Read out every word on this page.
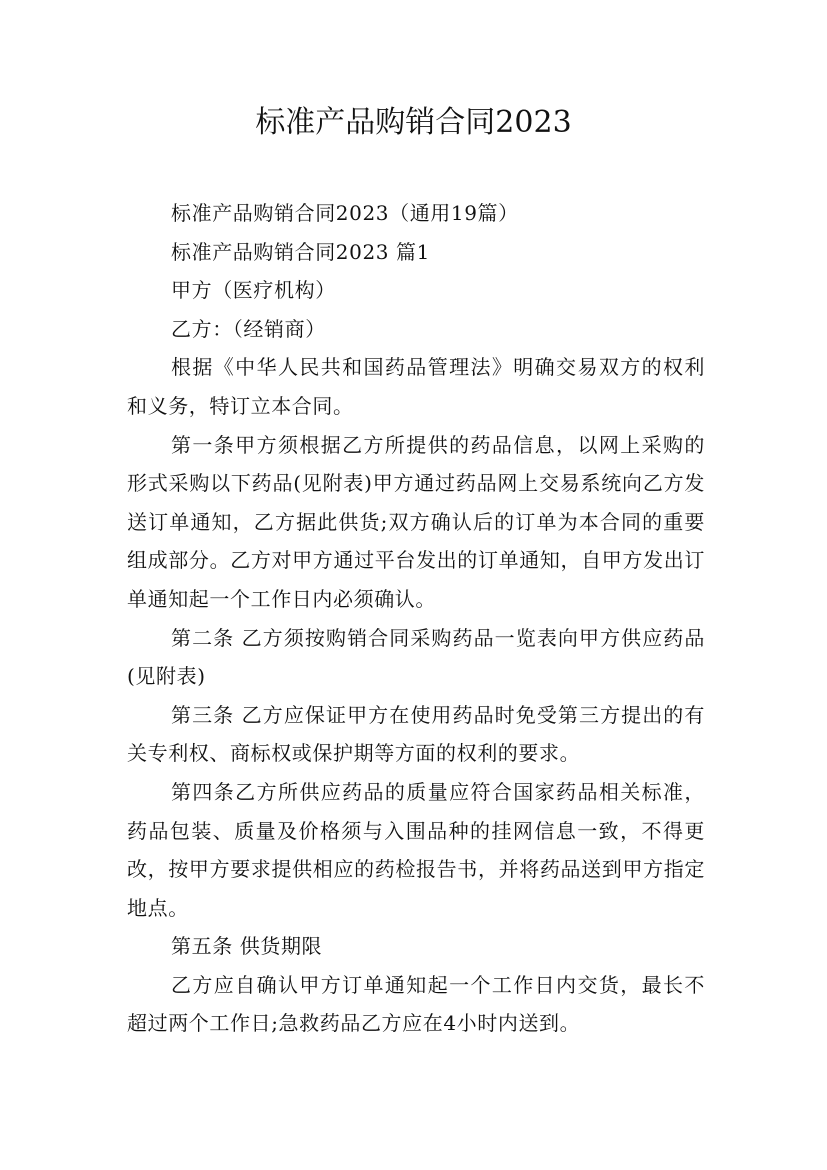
标准产品购销合同2023

标准产品购销合同2023（通用19篇）

标准产品购销合同2023 篇1

甲方（医疗机构）

乙方：（经销商）

根据《中华人民共和国药品管理法》明确交易双方的权利和义务，特订立本合同。

第一条甲方须根据乙方所提供的药品信息，以网上采购的形式采购以下药品(见附表)甲方通过药品网上交易系统向乙方发送订单通知，乙方据此供货;双方确认后的订单为本合同的重要组成部分。乙方对甲方通过平台发出的订单通知，自甲方发出订单通知起一个工作日内必须确认。

第二条 乙方须按购销合同采购药品一览表向甲方供应药品(见附表)

第三条 乙方应保证甲方在使用药品时免受第三方提出的有关专利权、商标权或保护期等方面的权利的要求。

第四条乙方所供应药品的质量应符合国家药品相关标准，药品包装、质量及价格须与入围品种的挂网信息一致，不得更改，按甲方要求提供相应的药检报告书，并将药品送到甲方指定地点。

第五条 供货期限

乙方应自确认甲方订单通知起一个工作日内交货，最长不超过两个工作日;急救药品乙方应在4小时内送到。
